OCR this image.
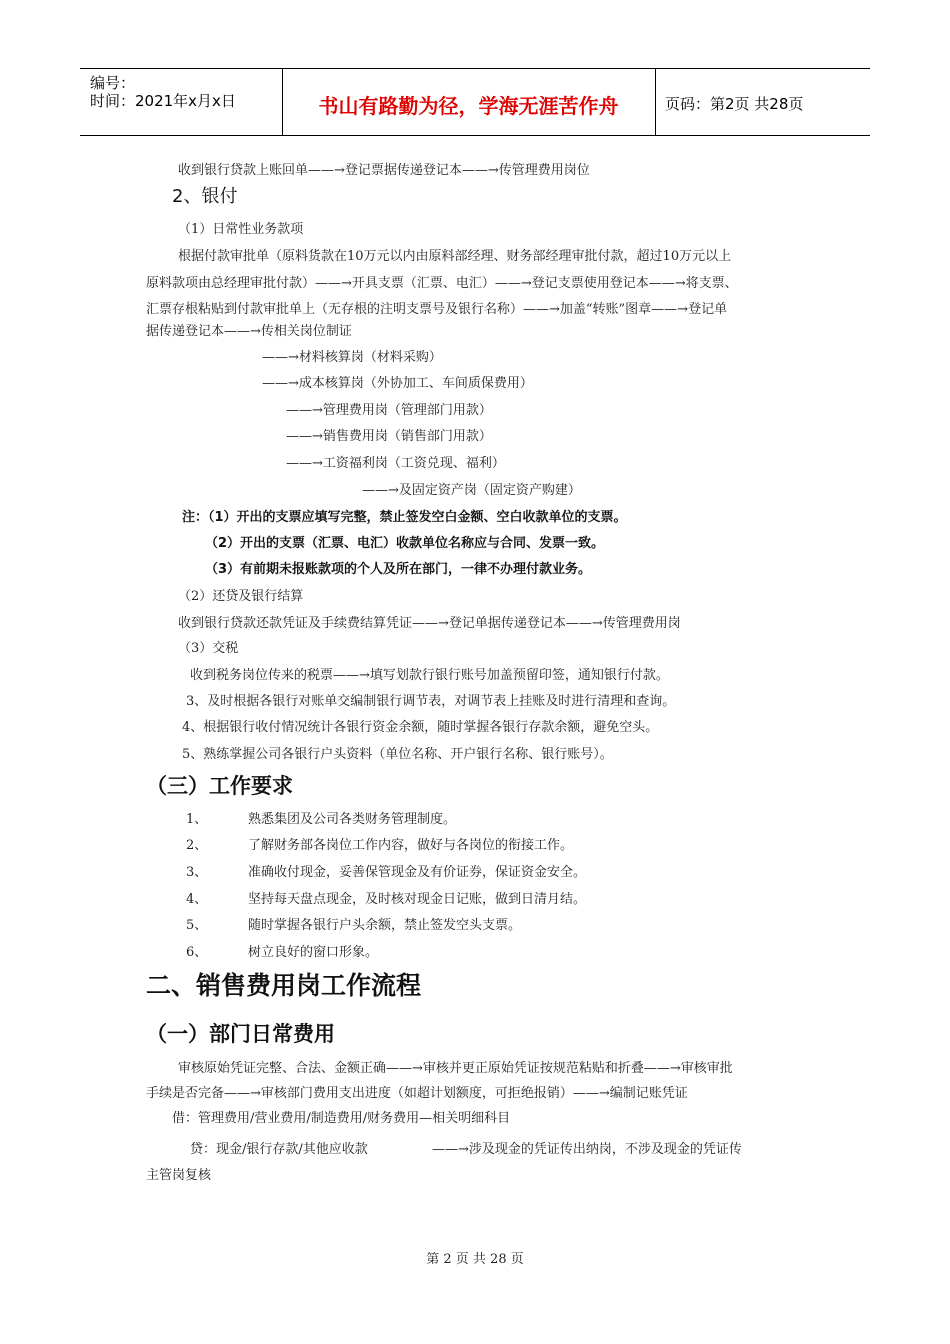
编号：
时间：2021年x月x日	书山有路勤为径，学海无涯苦作舟	页码：第2页 共28页
收到银行贷款上账回单——→登记票据传递登记本——→传管理费用岗位
2、银付
（1）日常性业务款项
根据付款审批单（原料货款在10万元以内由原料部经理、财务部经理审批付款，超过10万元以上
原料款项由总经理审批付款）——→开具支票（汇票、电汇）——→登记支票使用登记本——→将支票、
汇票存根粘贴到付款审批单上（无存根的注明支票号及银行名称）——→加盖“转账”图章——→登记单
据传递登记本——→传相关岗位制证
——→材料核算岗（材料采购）
——→成本核算岗（外协加工、车间质保费用）
——→管理费用岗（管理部门用款）
——→销售费用岗（销售部门用款）
——→工资福利岗（工资兑现、福利）
——→及固定资产岗（固定资产购建）
注：（1）开出的支票应填写完整，禁止签发空白金额、空白收款单位的支票。
（2）开出的支票（汇票、电汇）收款单位名称应与合同、发票一致。
（3）有前期未报账款项的个人及所在部门，一律不办理付款业务。
（2）还贷及银行结算
收到银行贷款还款凭证及手续费结算凭证——→登记单据传递登记本——→传管理费用岗
（3）交税
收到税务岗位传来的税票——→填写划款行银行账号加盖预留印签，通知银行付款。
3、及时根据各银行对账单交编制银行调节表，对调节表上挂账及时进行清理和查询。
4、根据银行收付情况统计各银行资金余额，随时掌握各银行存款余额，避免空头。
5、熟练掌握公司各银行户头资料（单位名称、开户银行名称、银行账号）。
（三）工作要求
1、	熟悉集团及公司各类财务管理制度。
2、	了解财务部各岗位工作内容，做好与各岗位的衔接工作。
3、	准确收付现金，妥善保管现金及有价证券，保证资金安全。
4、	坚持每天盘点现金，及时核对现金日记账，做到日清月结。
5、	随时掌握各银行户头余额，禁止签发空头支票。
6、	树立良好的窗口形象。
二、销售费用岗工作流程
（一）部门日常费用
审核原始凭证完整、合法、金额正确——→审核并更正原始凭证按规范粘贴和折叠——→审核审批
手续是否完备——→审核部门费用支出进度（如超计划额度，可拒绝报销）——→编制记账凭证
借：管理费用/营业费用/制造费用/财务费用—相关明细科目
贷：现金/银行存款/其他应收款	——→涉及现金的凭证传出纳岗，不涉及现金的凭证传
主管岗复核
第 2 页 共 28 页
